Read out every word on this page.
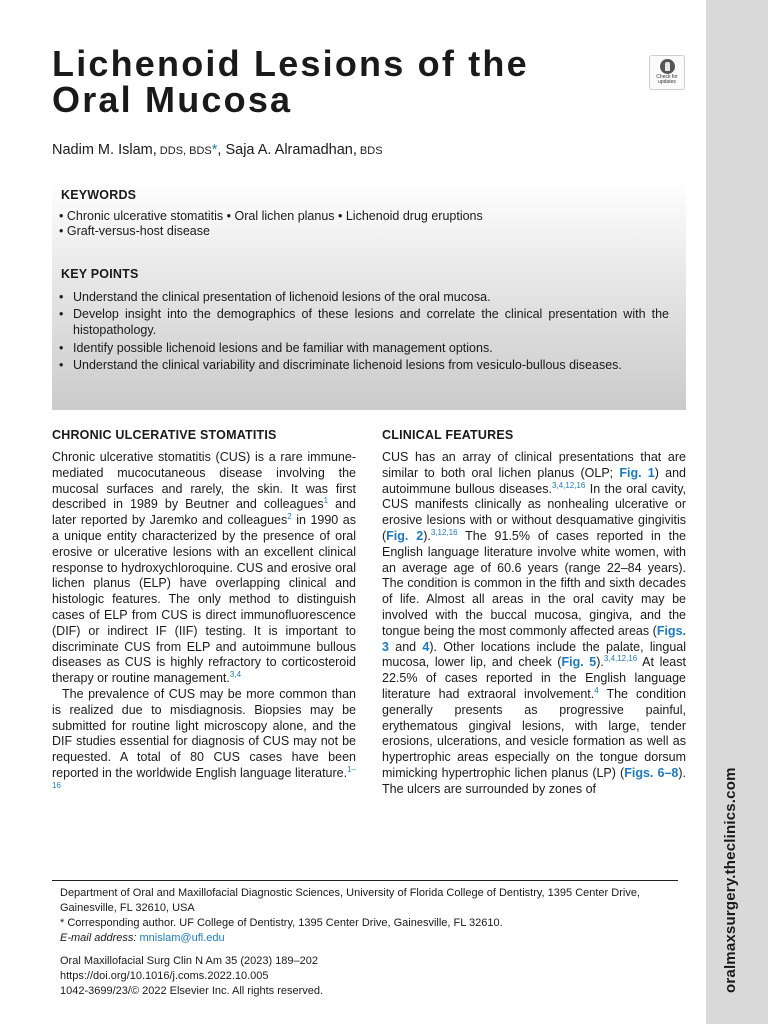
oralmaxsurgery.theclinics.com
Lichenoid Lesions of the
Oral Mucosa
Check for
updates
Nadim M. Islam, DDS, BDS*, Saja A. Alramadhan, BDS
KEYWORDS
• Chronic ulcerative stomatitis • Oral lichen planus • Lichenoid drug eruptions
• Graft-versus-host disease
KEY POINTS
• Understand the clinical presentation of lichenoid lesions of the oral mucosa.
• Develop insight into the demographics of these lesions and correlate the clinical presentation with the histopathology.
• Identify possible lichenoid lesions and be familiar with management options.
• Understand the clinical variability and discriminate lichenoid lesions from vesiculo-bullous diseases.
CHRONIC ULCERATIVE STOMATITIS

Chronic ulcerative stomatitis (CUS) is a rare immune-mediated mucocutaneous disease involving the mucosal surfaces and rarely, the skin. It was first described in 1989 by Beutner and colleagues$^1$ and later reported by Jaremko and colleagues$^2$ in 1990 as a unique entity characterized by the presence of oral erosive or ulcerative lesions with an excellent clinical response to hydroxychloroquine. CUS and erosive oral lichen planus (ELP) have overlapping clinical and histologic features. The only method to distinguish cases of ELP from CUS is direct immunofluorescence (DIF) or indirect IF (IIF) testing. It is important to discriminate CUS from ELP and autoimmune bullous diseases as CUS is highly refractory to corticosteroid therapy or routine management.$^{3,4}$

The prevalence of CUS may be more common than is realized due to misdiagnosis. Biopsies may be submitted for routine light microscopy alone, and the DIF studies essential for diagnosis of CUS may not be requested. A total of 80 CUS cases have been reported in the worldwide English language literature.$^{1-16}$

CLINICAL FEATURES

CUS has an array of clinical presentations that are similar to both oral lichen planus (OLP; Fig. 1) and autoimmune bullous diseases.$^{3,4,12,16}$ In the oral cavity, CUS manifests clinically as nonhealing ulcerative or erosive lesions with or without desquamative gingivitis (Fig. 2).$^{3,12,16}$ The 91.5% of cases reported in the English language literature involve white women, with an average age of 60.6 years (range 22–84 years). The condition is common in the fifth and sixth decades of life. Almost all areas in the oral cavity may be involved with the buccal mucosa, gingiva, and the tongue being the most commonly affected areas (Figs. 3 and 4). Other locations include the palate, lingual mucosa, lower lip, and cheek (Fig. 5).$^{3,4,12,16}$ At least 22.5% of cases reported in the English language literature had extraoral involvement.$^4$ The condition generally presents as progressive painful, erythematous gingival lesions, with large, tender erosions, ulcerations, and vesicle formation as well as hypertrophic areas especially on the tongue dorsum mimicking hypertrophic lichen planus (LP) (Figs. 6–8). The ulcers are surrounded by zones of

Department of Oral and Maxillofacial Diagnostic Sciences, University of Florida College of Dentistry, 1395 Center Drive, Gainesville, FL 32610, USA
* Corresponding author. UF College of Dentistry, 1395 Center Drive, Gainesville, FL 32610.
E-mail address: mnislam@ufl.edu
Oral Maxillofacial Surg Clin N Am 35 (2023) 189–202
https://doi.org/10.1016/j.coms.2022.10.005
1042-3699/23/© 2022 Elsevier Inc. All rights reserved.
